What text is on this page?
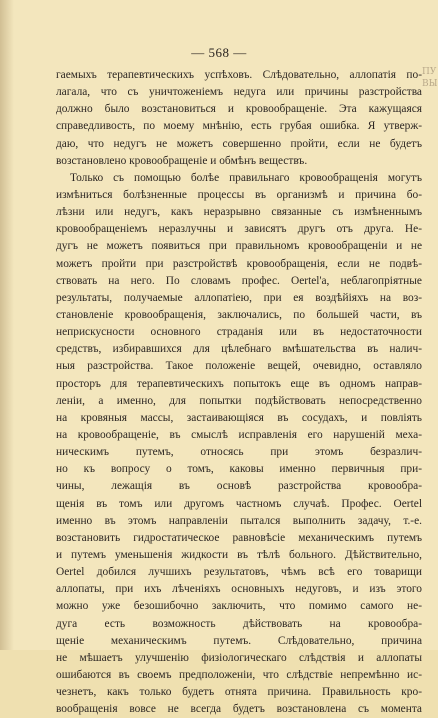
ПУ
ВЫ
— 568 —
гаемыхъ терапевтическихъ успѣховъ. Слѣдовательно, аллопатія по-
лагала, что съ уничтоженіемъ недуга или причины разстройства
должно было возстановиться и кровообращеніе. Эта кажущаяся
справедливость, по моему мнѣнію, есть грубая ошибка. Я утверж-
даю, что недугъ не можетъ совершенно пройти, если не будетъ
возстановлено кровообращеніе и обмѣнъ веществъ.
Только съ помощью болѣе правильнаго кровообращенія могутъ
измѣниться болѣзненные процессы въ организмѣ и причина бо-
лѣзни или недугъ, какъ неразрывно связанные съ измѣненнымъ
кровообращеніемъ неразлучны и зависятъ другъ отъ друга. Не-
дугъ не можетъ появиться при правильномъ кровообращеніи и не
можетъ пройти при разстройствѣ кровообращенія, если не подвѣ-
ствовать на него. По словамъ профес. Oertel'a, неблагопріятные
результаты, получаемые аллопатіею, при ея воздѣйіяхъ на воз-
становленіе кровообращенія, заключались, по большей части, въ
неприскусности основного страданія или въ недостаточности
средствъ, избиравшихся для цѣлебнаго вмѣшательства въ налич-
ныя разстройства. Такое положеніе вещей, очевидно, оставляло
просторъ для терапевтическихъ попытокъ еще въ одномъ направ-
леніи, а именно, для попытки подѣйствовать непосредственно
на кровяныя массы, застаивающіяся въ сосудахъ, и повліять
на кровообращеніе, въ смыслѣ исправленія его нарушеній меха-
ническимъ путемъ, относясь при этомъ безразлич-
но къ вопросу о томъ, каковы именно первичныя при-
чины, лежащія въ основѣ разстройства кровообра-
щенія въ томъ или другомъ частномъ случаѣ. Профес. Oertel
именно въ этомъ направленіи пытался выполнить задачу, т.-е.
возстановить гидростатическое равновѣсіе механическимъ путемъ
и путемъ уменьшенія жидкости въ тѣлѣ больного. Дѣйствительно,
Oertel добился лучшихъ результатовъ, чѣмъ всѣ его товарищи
аллопаты, при ихъ лѣченіяхъ основныхъ недуговъ, и изъ этого
можно уже безошибочно заключить, что помимо самого не-
дуга есть возможность дѣйствовать на кровообра-
щеніе механическимъ путемъ. Слѣдовательно, причина
не мѣшаетъ улучшенію физіологическаго слѣдствія и аллопаты
ошибаются въ своемъ предположеніи, что слѣдствіе непремѣнно ис-
чезнетъ, какъ только будетъ отнята причина. Правильность кро-
вообращенія вовсе не всегда будетъ возстановлена съ момента
